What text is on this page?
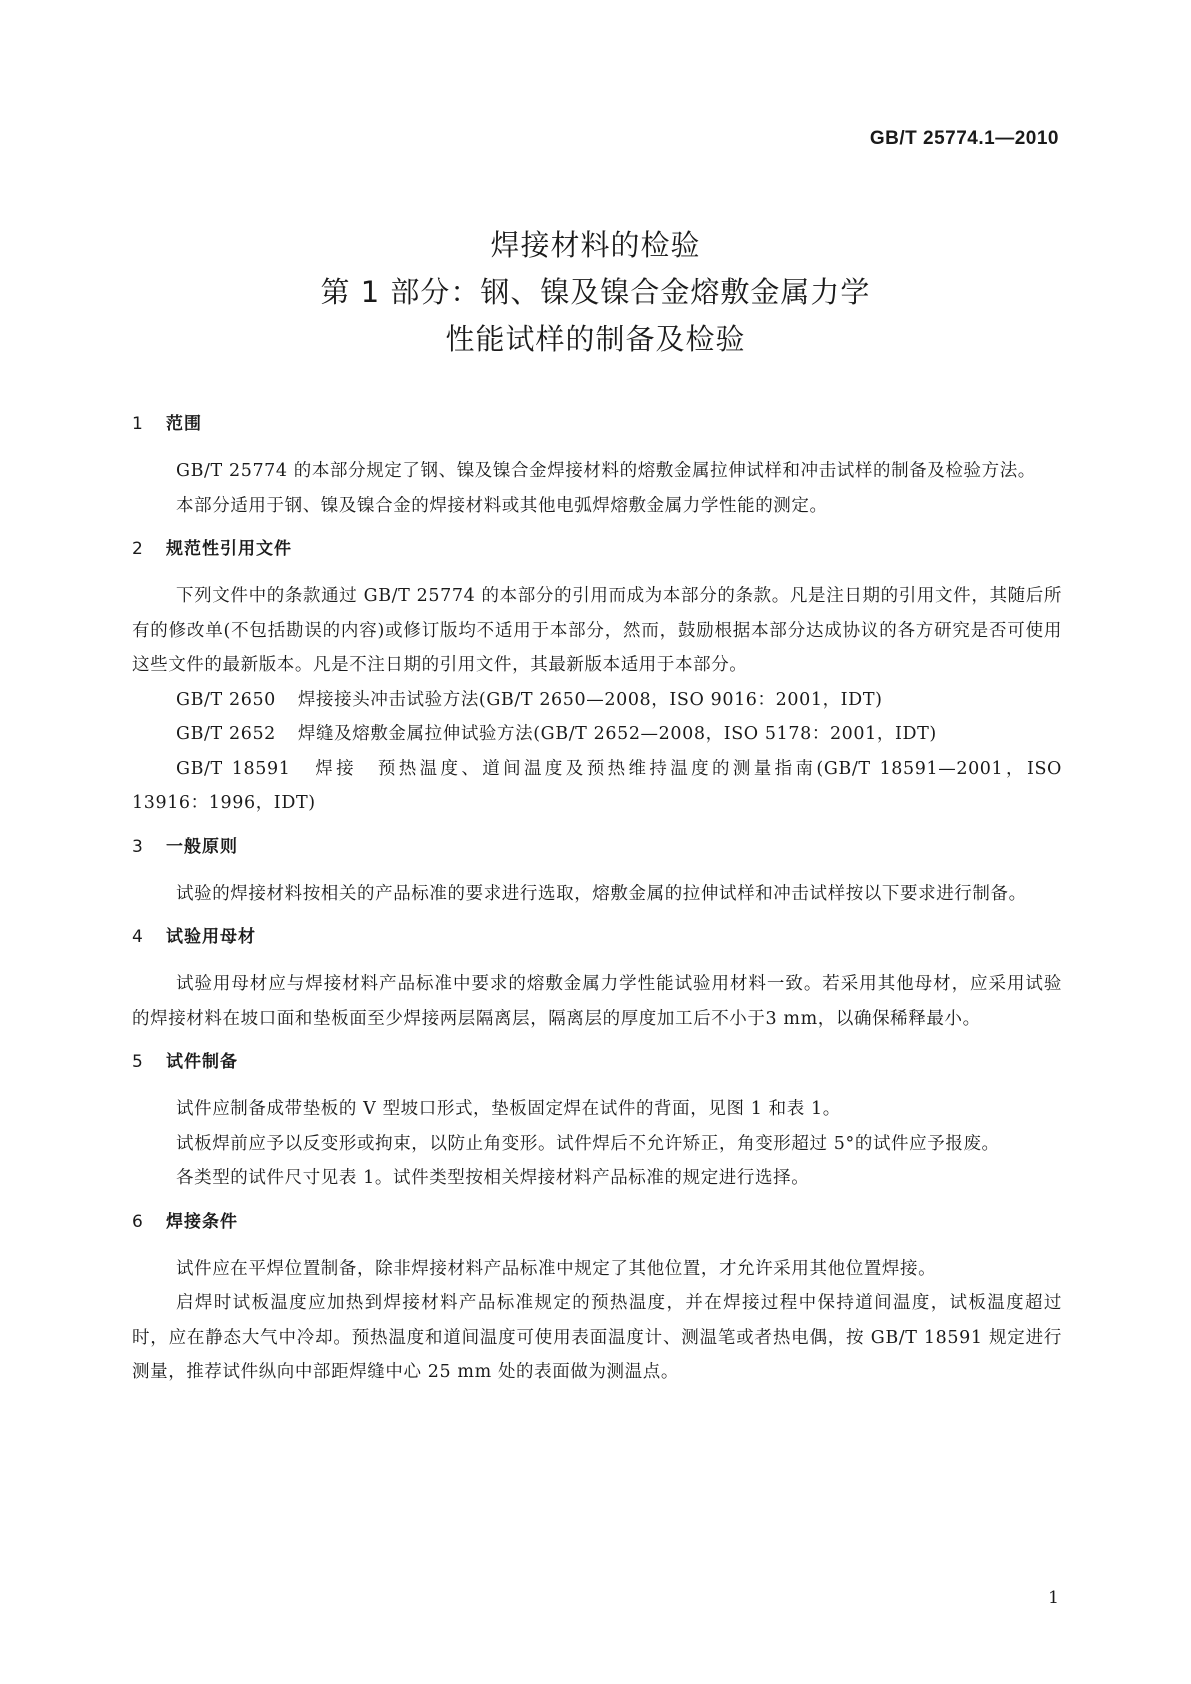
GB/T 25774.1—2010
焊接材料的检验
第 1 部分：钢、镍及镍合金熔敷金属力学
性能试样的制备及检验
1 范围

GB/T 25774 的本部分规定了钢、镍及镍合金焊接材料的熔敷金属拉伸试样和冲击试样的制备及检验方法。

本部分适用于钢、镍及镍合金的焊接材料或其他电弧焊熔敷金属力学性能的测定。

2 规范性引用文件

下列文件中的条款通过 GB/T 25774 的本部分的引用而成为本部分的条款。凡是注日期的引用文件，其随后所有的修改单(不包括勘误的内容)或修订版均不适用于本部分，然而，鼓励根据本部分达成协议的各方研究是否可使用这些文件的最新版本。凡是不注日期的引用文件，其最新版本适用于本部分。

GB/T 2650 焊接接头冲击试验方法(GB/T 2650—2008，ISO 9016：2001，IDT)
GB/T 2652 焊缝及熔敷金属拉伸试验方法(GB/T 2652—2008，ISO 5178：2001，IDT)
GB/T 18591 焊接　预热温度、道间温度及预热维持温度的测量指南(GB/T 18591—2001，ISO 13916：1996，IDT)
3 一般原则

试验的焊接材料按相关的产品标准的要求进行选取，熔敷金属的拉伸试样和冲击试样按以下要求进行制备。

4 试验用母材

试验用母材应与焊接材料产品标准中要求的熔敷金属力学性能试验用材料一致。若采用其他母材，应采用试验的焊接材料在坡口面和垫板面至少焊接两层隔离层，隔离层的厚度加工后不小于3 mm，以确保稀释最小。

5 试件制备

试件应制备成带垫板的 V 型坡口形式，垫板固定焊在试件的背面，见图 1 和表 1。

试板焊前应予以反变形或拘束，以防止角变形。试件焊后不允许矫正，角变形超过 5°的试件应予报废。

各类型的试件尺寸见表 1。试件类型按相关焊接材料产品标准的规定进行选择。

6 焊接条件

试件应在平焊位置制备，除非焊接材料产品标准中规定了其他位置，才允许采用其他位置焊接。

启焊时试板温度应加热到焊接材料产品标准规定的预热温度，并在焊接过程中保持道间温度，试板温度超过时，应在静态大气中冷却。预热温度和道间温度可使用表面温度计、测温笔或者热电偶，按 GB/T 18591 规定进行测量，推荐试件纵向中部距焊缝中心 25 mm 处的表面做为测温点。

1
